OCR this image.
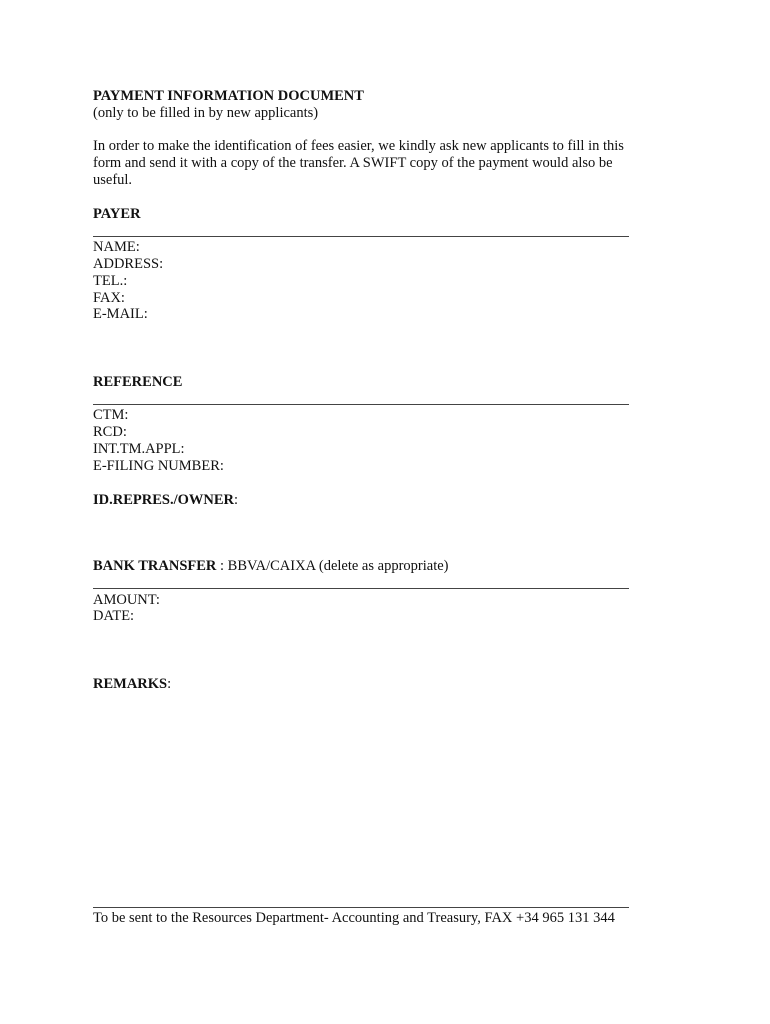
PAYMENT INFORMATION DOCUMENT
(only to be filled in by new applicants)
In order to make the identification of fees easier, we kindly ask new applicants to fill in this
form and send it with a copy of the transfer. A SWIFT copy of the payment would also be
useful.
PAYER
NAME:
ADDRESS:
TEL.:
FAX:
E-MAIL:
REFERENCE
CTM:
RCD:
INT.TM.APPL:
E-FILING NUMBER:
ID.REPRES./OWNER:
BANK TRANSFER : BBVA/CAIXA (delete as appropriate)
AMOUNT:
DATE:
REMARKS:
To be sent to the Resources Department- Accounting and Treasury, FAX +34 965 131 344
